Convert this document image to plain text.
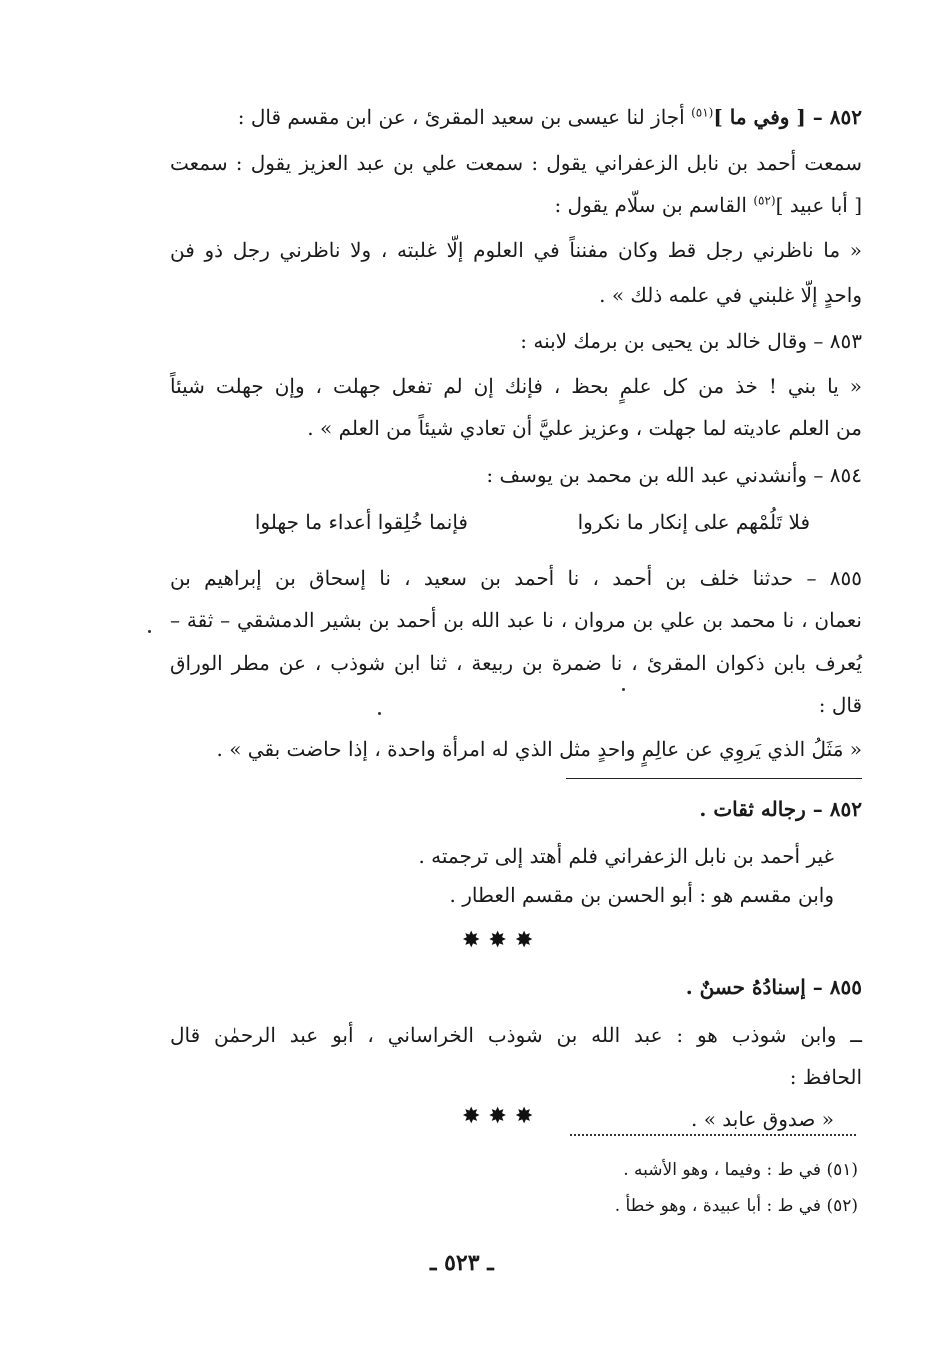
٨٥٢ – [ وفي ما ]$^{(٥١)}$ أجاز لنا عيسى بن سعيد المقرئ ، عن ابن مقسم قال :
سمعت أحمد بن نابل الزعفراني يقول : سمعت علي بن عبد العزيز يقول : سمعت
[ أبا عبيد ]$^{(٥٢)}$ القاسم بن سلّام يقول :
« ما ناظرني رجل قط وكان مفنناً في العلوم إلّا غلبته ، ولا ناظرني رجل ذو فن
واحدٍ إلّا غلبني في علمه ذلك » .
٨٥٣ – وقال خالد بن يحيى بن برمك لابنه :
« يا بني ! خذ من كل علمٍ بحظ ، فإنك إن لم تفعل جهلت ، وإن جهلت شيئاً
من العلم عاديته لما جهلت ، وعزيز عليَّ أن تعادي شيئاً من العلم » .
٨٥٤ – وأنشدني عبد الله بن محمد بن يوسف :
فلا تَلُمْهم على إنكار ما نكروا
فإنما خُلِقوا أعداء ما جهلوا
٨٥٥ – حدثنا خلف بن أحمد ، نا أحمد بن سعيد ، نا إسحاق بن إبراهيم بن
نعمان ، نا محمد بن علي بن مروان ، نا عبد الله بن أحمد بن بشير الدمشقي – ثقة –
يُعرف بابن ذكوان المقرئ ، نا ضمرة بن ربيعة ، ثنا ابن شوذب ، عن مطر الوراق
قال :
« مَثَلُ الذي يَروِي عن عالِمٍ واحدٍ مثل الذي له امرأة واحدة ، إذا حاضت بقي » .
٨٥٢ – رجاله ثقات .
غير أحمد بن نابل الزعفراني فلم أهتد إلى ترجمته .
وابن مقسم هو : أبو الحسن بن مقسم العطار .
✸✸✸
٨٥٥ – إسنادُهُ حسنٌ .
ــ وابن شوذب هو : عبد الله بن شوذب الخراساني ، أبو عبد الرحمٰن قال
الحافظ :
« صدوق عابد » .
✸✸✸
(٥١) في ط : وفيما ، وهو الأشبه .
(٥٢) في ط : أبا عبيدة ، وهو خطأ .
ـ ٥٢٣ ـ
